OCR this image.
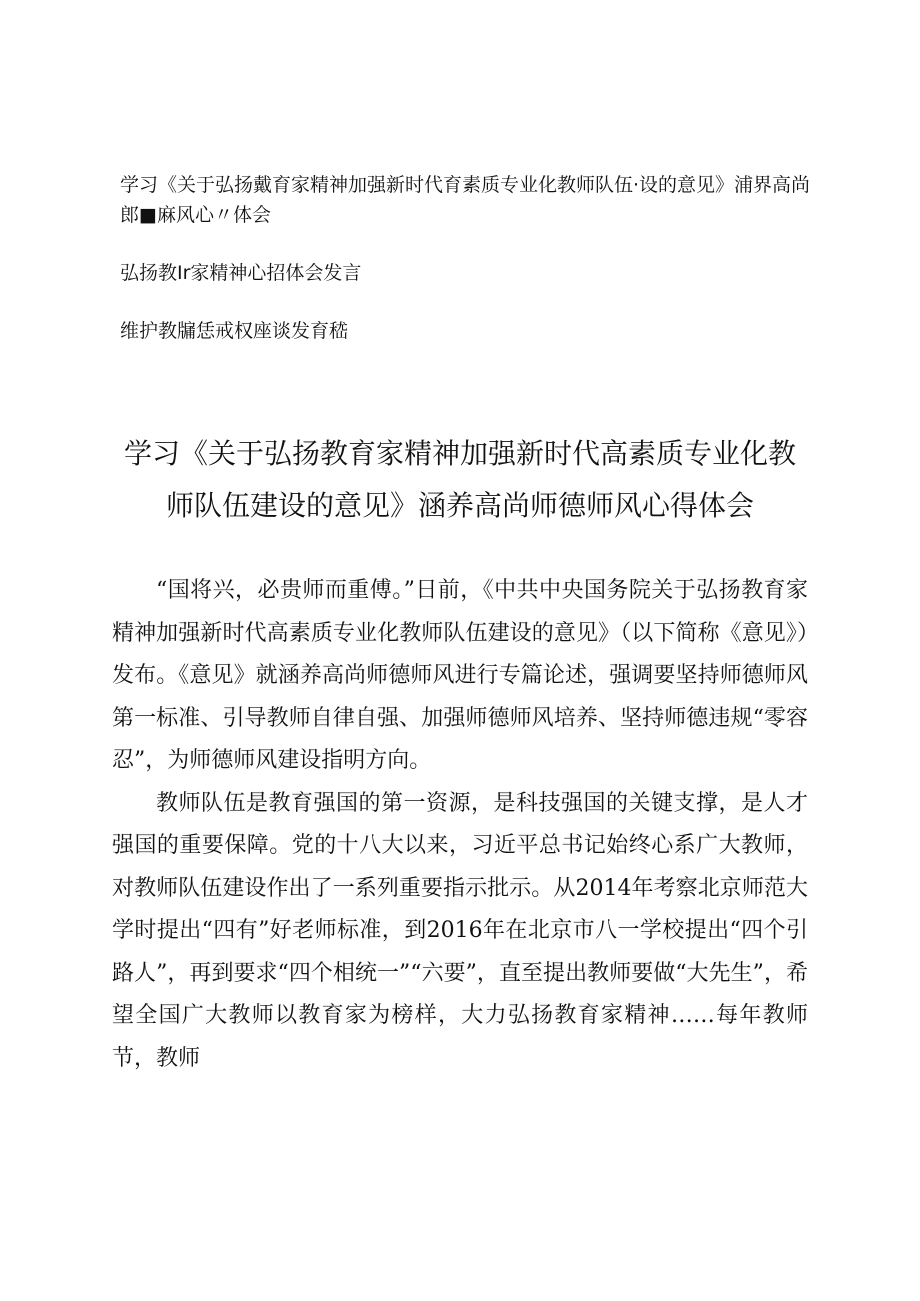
学习《关于弘扬戴育家精神加强新时代育素质专业化教师队伍·设的意见》浦界高尚郎■麻风心〃体会
弘扬教Ir家精神心招体会发言
维护教牖恁戒权座谈发育嵇
学习《关于弘扬教育家精神加强新时代高素质专业化教
师队伍建设的意见》涵养高尚师德师风心得体会

“国将兴，必贵师而重傅。”日前，《中共中央国务院关于弘扬教育家精神加强新时代高素质专业化教师队伍建设的意见》（以下简称《意见》）发布。《意见》就涵养高尚师德师风进行专篇论述，强调要坚持师德师风第一标准、引导教师自律自强、加强师德师风培养、坚持师德违规“零容忍”，为师德师风建设指明方向。

教师队伍是教育强国的第一资源，是科技强国的关键支撑，是人才强国的重要保障。党的十八大以来，习近平总书记始终心系广大教师，对教师队伍建设作出了一系列重要指示批示。从2014年考察北京师范大学时提出“四有”好老师标准，到2016年在北京市八一学校提出“四个引路人”，再到要求“四个相统一”“六要”，直至提出教师要做“大先生”，希望全国广大教师以教育家为榜样，大力弘扬教育家精神……每年教师节，教师
